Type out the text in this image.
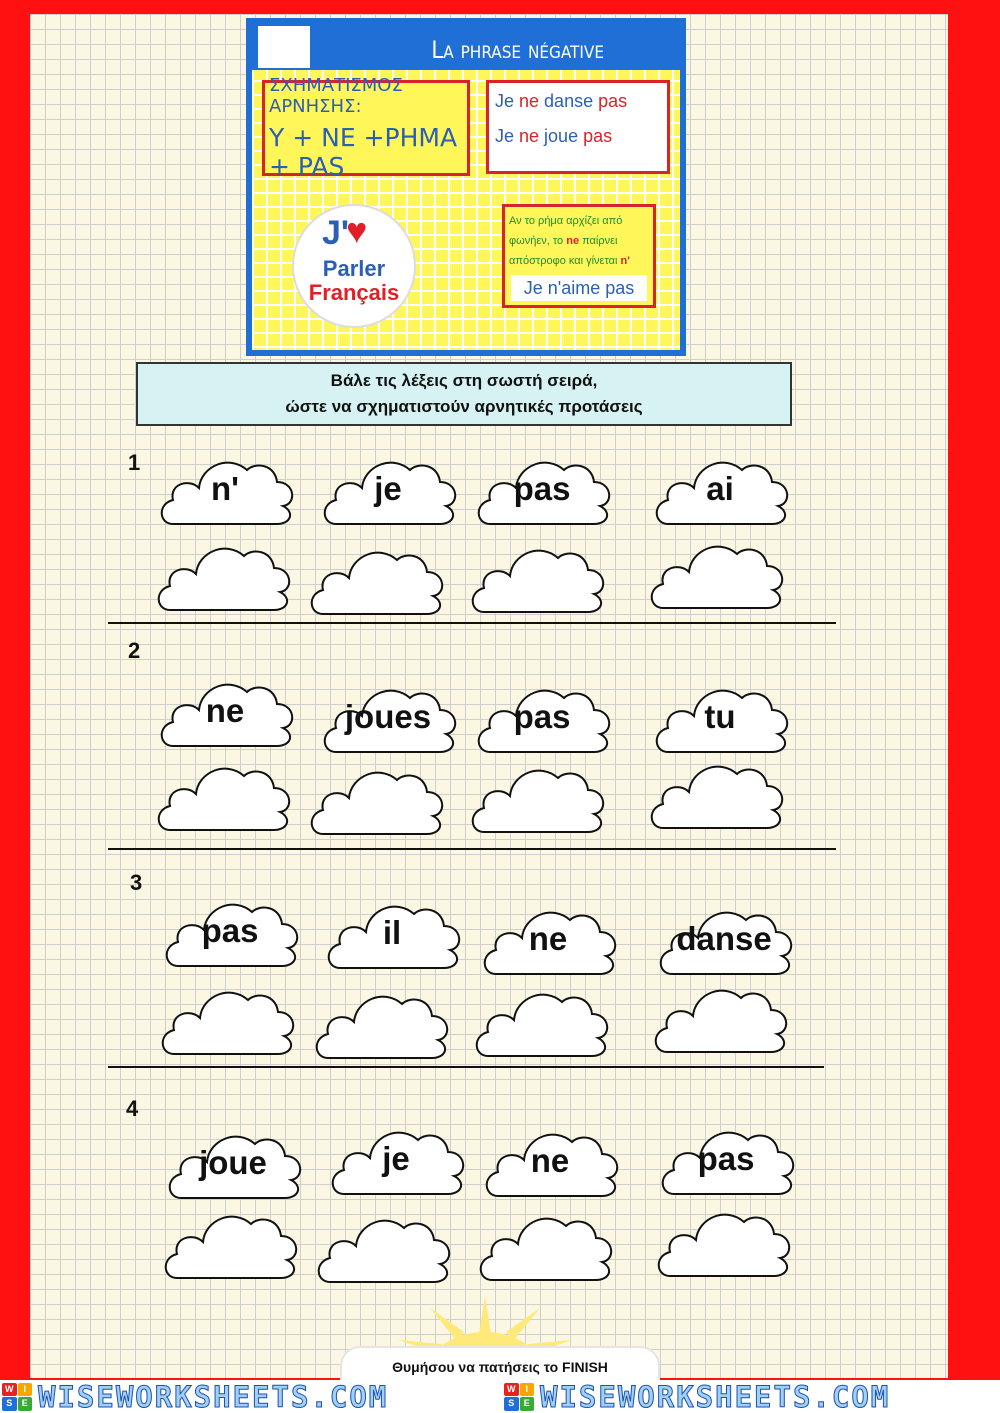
La phrase négative
ΣΧΗΜΑΤΙΣΜΟΣ ΑΡΝΗΣΗΣ:
Υ + ΝΕ +ΡΗΜΑ + PAS
Je ne danse pas
Je ne joue pas
J'
♥
Parler
Français
Αν το ρήμα αρχίζει από
φωνήεν, το ne παίρνει
απόστροφο και γίνεται n'
Je n'aime pas
Βάλε τις λέξεις στη σωστή σειρά,
ώστε να σχηματιστούν αρνητικές προτάσεις
1
n'	je	pas	ai
2
ne	joues	pas	tu
3
pas	il	ne	danse
4
joue	je	ne	pas
Θυμήσου να πατήσεις το FINISH
W	I
S	E WISEWORKSHEETS.COM	W	I
S	E WISEWORKSHEETS.COM
